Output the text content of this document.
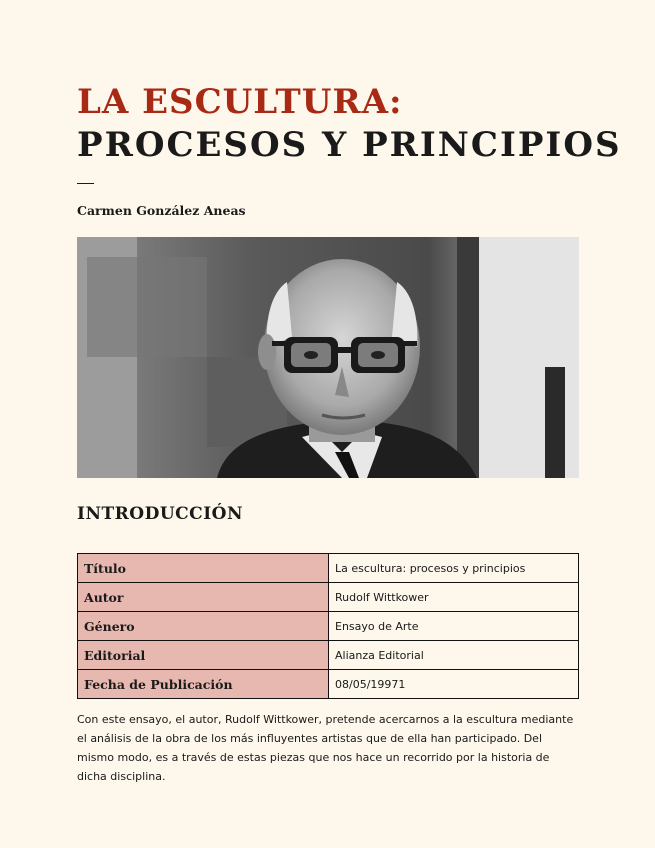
LA ESCULTURA:
PROCESOS Y PRINCIPIOS
Carmen González Aneas
INTRODUCCIÓN
Título	La escultura: procesos y principios
Autor	Rudolf Wittkower
Género	Ensayo de Arte
Editorial	Alianza Editorial
Fecha de Publicación	08/05/19971

Con este ensayo, el autor, Rudolf Wittkower, pretende acercarnos a la escultura mediante el análisis de la obra de los más influyentes artistas que de ella han participado. Del mismo modo, es a través de estas piezas que nos hace un recorrido por la historia de dicha disciplina.
